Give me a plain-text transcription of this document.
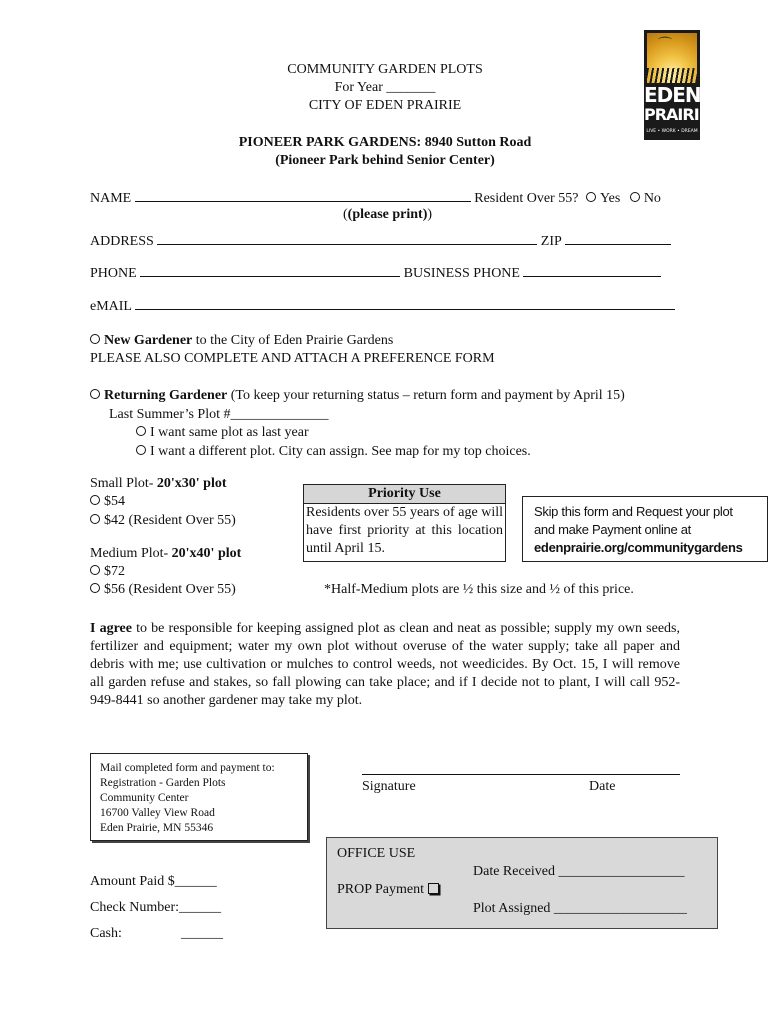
COMMUNITY GARDEN PLOTS
For Year _______
CITY OF EDEN PRAIRIE
PIONEER PARK GARDENS: 8940 Sutton Road
(Pioneer Park behind Senior Center)
⌒
EDEN
PRAIRIE
LIVE • WORK • DREAM
NAME	Resident Over 55? Yes No
((please print))
ADDRESS	ZIP
PHONE	BUSINESS PHONE
eMAIL
New Gardener to the City of Eden Prairie Gardens
PLEASE ALSO COMPLETE AND ATTACH A PREFERENCE FORM
Returning Gardener (To keep your returning status – return form and payment by April 15)
Last Summer’s Plot #______________
I want same plot as last year
I want a different plot. City can assign. See map for my top choices.
Small Plot- 20'x30' plot
$54
$42 (Resident Over 55)
Medium Plot- 20'x40' plot
$72
$56 (Resident Over 55)	*Half-Medium plots are ½ this size and ½ of this price.
Priority Use
Residents over 55 years of age will have first priority at this location until April 15.
Skip this form and Request your plot
and make Payment online at
edenprairie.org/communitygardens
I agree to be responsible for keeping assigned plot as clean and neat as possible; supply my own seeds, fertilizer and equipment; water my own plot without overuse of the water supply; take all paper and debris with me; use cultivation or mulches to control weeds, not weedicides. By Oct. 15, I will remove all garden refuse and stakes, so fall plowing can take place; and if I decide not to plant, I will call 952-949-8441 so another gardener may take my plot.
Mail completed form and payment to:
Registration - Garden Plots
Community Center
16700 Valley View Road
Eden Prairie, MN 55346
Signature	Date
Amount Paid $______
Check Number:______
Cash:	______
OFFICE USE
PROP Payment
Date Received __________________
Plot Assigned ___________________
